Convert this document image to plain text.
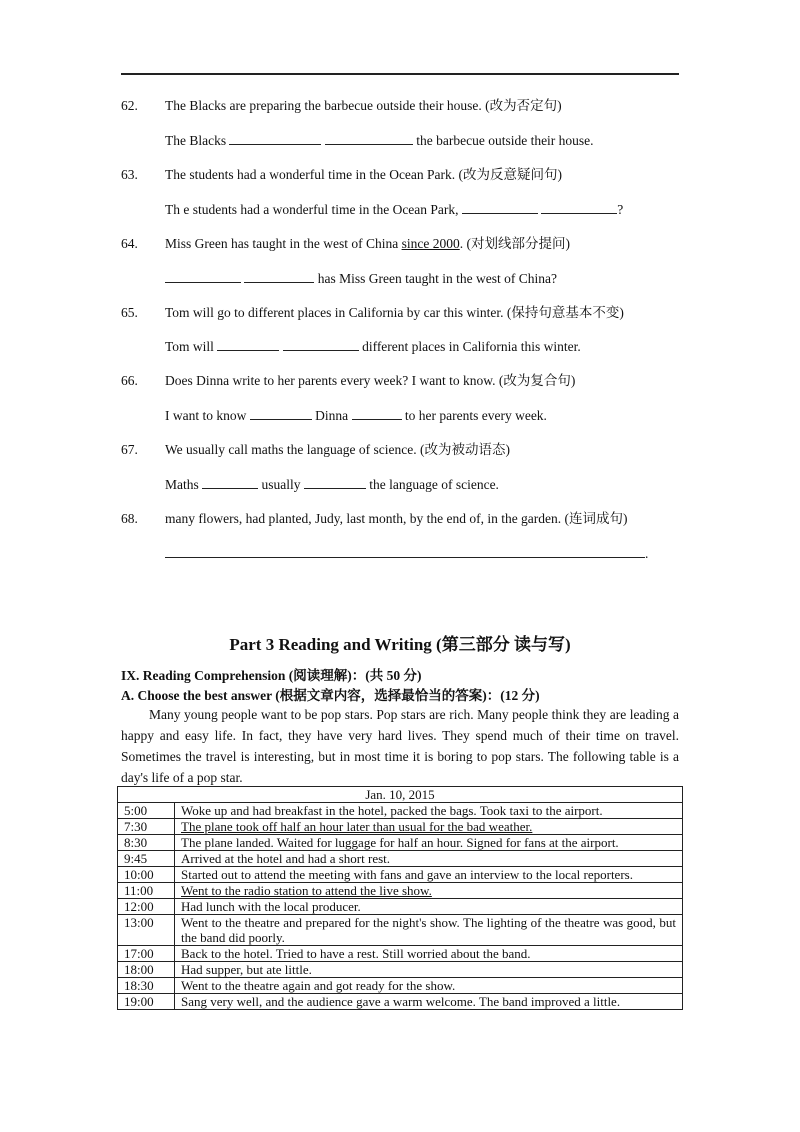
62. The Blacks are preparing the barbecue outside their house. (改为否定句)
The Blacks	the barbecue outside their house.
63. The students had a wonderful time in the Ocean Park. (改为反意疑问句)
Th e students had a wonderful time in the Ocean Park,	?
64. Miss Green has taught in the west of China since 2000. (对划线部分提问)
has Miss Green taught in the west of China?
65. Tom will go to different places in California by car this winter. (保持句意基本不变)
Tom will	different places in California this winter.
66. Does Dinna write to her parents every week? I want to know. (改为复合句)
I want to know	Dinna	to her parents every week.
67. We usually call maths the language of science. (改为被动语态)
Maths	usually	the language of science.
68. many flowers, had planted, Judy, last month, by the end of, in the garden. (连词成句)
.
Part 3 Reading and Writing (第三部分 读与写)
IX. Reading Comprehension (阅读理解)：(共 50 分)
A. Choose the best answer (根据文章内容，选择最恰当的答案)：(12 分)

Many young people want to be pop stars. Pop stars are rich. Many people think they are leading a happy and easy life. In fact, they have very hard lives. They spend much of their time on travel. Sometimes the travel is interesting, but in most time it is boring to pop stars. The following table is a day's life of a pop star.

Jan. 10, 2015	
5:00	Woke up and had breakfast in the hotel, packed the bags. Took taxi to the airport.
7:30	The plane took off half an hour later than usual for the bad weather.
8:30	The plane landed. Waited for luggage for half an hour. Signed for fans at the airport.
9:45	Arrived at the hotel and had a short rest.
10:00	Started out to attend the meeting with fans and gave an interview to the local reporters.
11:00	Went to the radio station to attend the live show.
12:00	Had lunch with the local producer.
13:00	Went to the theatre and prepared for the night's show. The lighting of the theatre was good, but the band did poorly.
17:00	Back to the hotel. Tried to have a rest. Still worried about the band.
18:00	Had supper, but ate little.
18:30	Went to the theatre again and got ready for the show.
19:00	Sang very well, and the audience gave a warm welcome. The band improved a little.
